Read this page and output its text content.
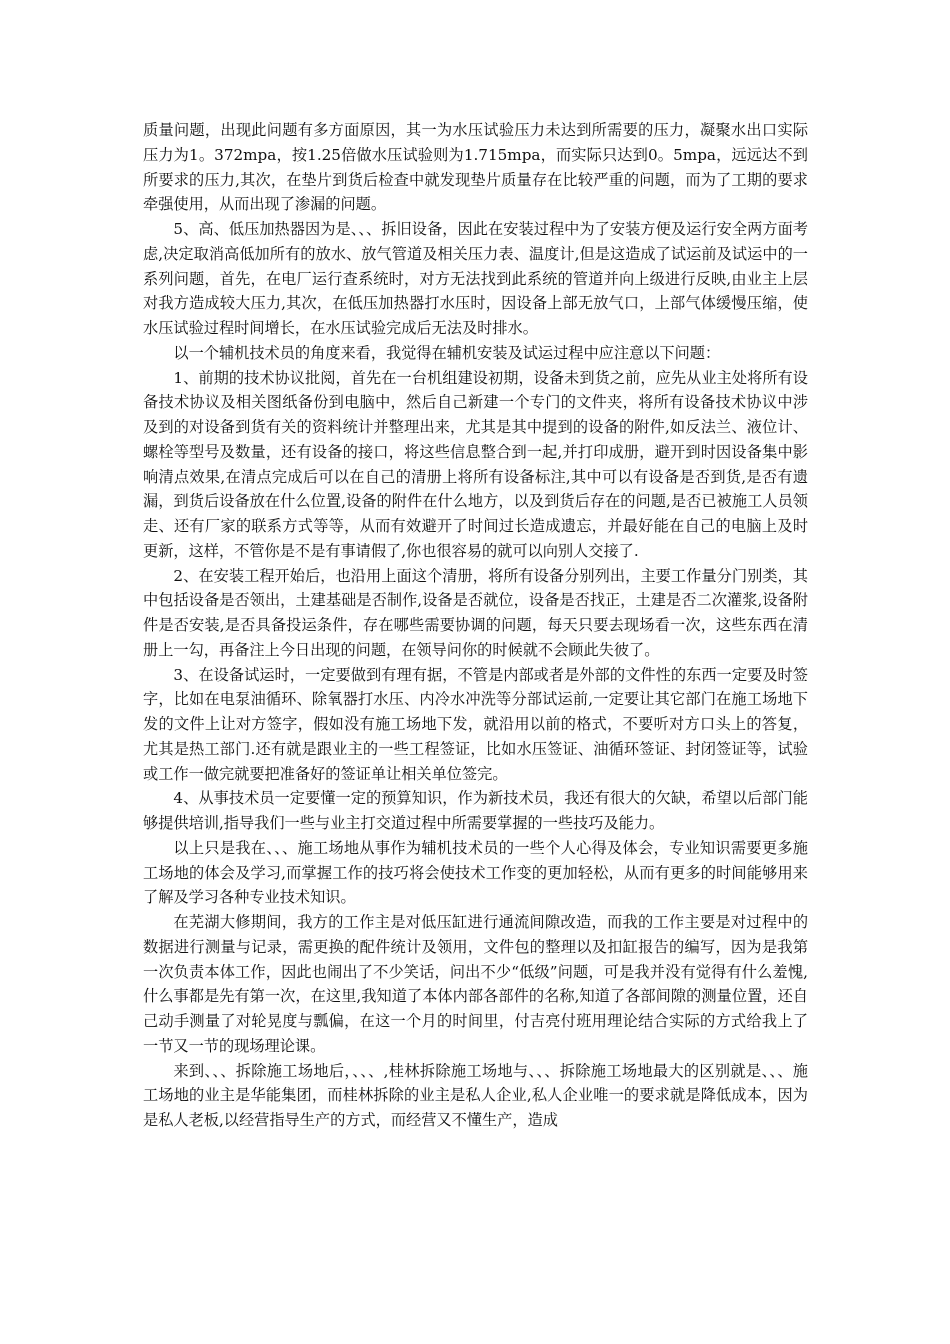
质量问题，出现此问题有多方面原因，其一为水压试验压力未达到所需要的压力，凝聚水出口实际压力为1。372mpa，按1.25倍做水压试验则为1.715mpa，而实际只达到0。5mpa，远远达不到所要求的压力,其次，在垫片到货后检查中就发现垫片质量存在比较严重的问题，而为了工期的要求牵强使用，从而出现了渗漏的问题。

5、高、低压加热器因为是、、、拆旧设备，因此在安装过程中为了安装方便及运行安全两方面考虑,决定取消高低加所有的放水、放气管道及相关压力表、温度计,但是这造成了试运前及试运中的一系列问题，首先，在电厂运行查系统时，对方无法找到此系统的管道并向上级进行反映,由业主上层对我方造成较大压力,其次，在低压加热器打水压时，因设备上部无放气口，上部气体缓慢压缩，使水压试验过程时间增长，在水压试验完成后无法及时排水。

以一个辅机技术员的角度来看，我觉得在辅机安装及试运过程中应注意以下问题：

1、前期的技术协议批阅，首先在一台机组建设初期，设备未到货之前，应先从业主处将所有设备技术协议及相关图纸备份到电脑中，然后自己新建一个专门的文件夹，将所有设备技术协议中涉及到的对设备到货有关的资料统计并整理出来，尤其是其中提到的设备的附件,如反法兰、液位计、螺栓等型号及数量，还有设备的接口，将这些信息整合到一起,并打印成册，避开到时因设备集中影响清点效果,在清点完成后可以在自己的清册上将所有设备标注,其中可以有设备是否到货,是否有遗漏，到货后设备放在什么位置,设备的附件在什么地方，以及到货后存在的问题,是否已被施工人员领走、还有厂家的联系方式等等，从而有效避开了时间过长造成遗忘，并最好能在自己的电脑上及时更新，这样，不管你是不是有事请假了,你也很容易的就可以向别人交接了.

2、在安装工程开始后，也沿用上面这个清册，将所有设备分别列出，主要工作量分门别类，其中包括设备是否领出，土建基础是否制作,设备是否就位，设备是否找正，土建是否二次灌浆,设备附件是否安装,是否具备投运条件，存在哪些需要协调的问题，每天只要去现场看一次，这些东西在清册上一勾，再备注上今日出现的问题，在领导问你的时候就不会顾此失彼了。

3、在设备试运时，一定要做到有理有据，不管是内部或者是外部的文件性的东西一定要及时签字，比如在电泵油循环、除氧器打水压、内冷水冲洗等分部试运前,一定要让其它部门在施工场地下发的文件上让对方签字，假如没有施工场地下发，就沿用以前的格式，不要听对方口头上的答复，尤其是热工部门.还有就是跟业主的一些工程签证，比如水压签证、油循环签证、封闭签证等，试验或工作一做完就要把准备好的签证单让相关单位签完。

4、从事技术员一定要懂一定的预算知识，作为新技术员，我还有很大的欠缺，希望以后部门能够提供培训,指导我们一些与业主打交道过程中所需要掌握的一些技巧及能力。

以上只是我在、、、施工场地从事作为辅机技术员的一些个人心得及体会，专业知识需要更多施工场地的体会及学习,而掌握工作的技巧将会使技术工作变的更加轻松，从而有更多的时间能够用来了解及学习各种专业技术知识。

在芜湖大修期间，我方的工作主是对低压缸进行通流间隙改造，而我的工作主要是对过程中的数据进行测量与记录，需更换的配件统计及领用，文件包的整理以及扣缸报告的编写，因为是我第一次负责本体工作，因此也闹出了不少笑话，问出不少“低级”问题，可是我并没有觉得有什么羞愧,什么事都是先有第一次，在这里,我知道了本体内部各部件的名称,知道了各部间隙的测量位置，还自己动手测量了对轮晃度与瓢偏，在这一个月的时间里，付吉亮付班用理论结合实际的方式给我上了一节又一节的现场理论课。

来到、、、拆除施工场地后，、、、,桂林拆除施工场地与、、、拆除施工场地最大的区别就是、、、施工场地的业主是华能集团，而桂林拆除的业主是私人企业,私人企业唯一的要求就是降低成本，因为是私人老板,以经营指导生产的方式，而经营又不懂生产，造成
